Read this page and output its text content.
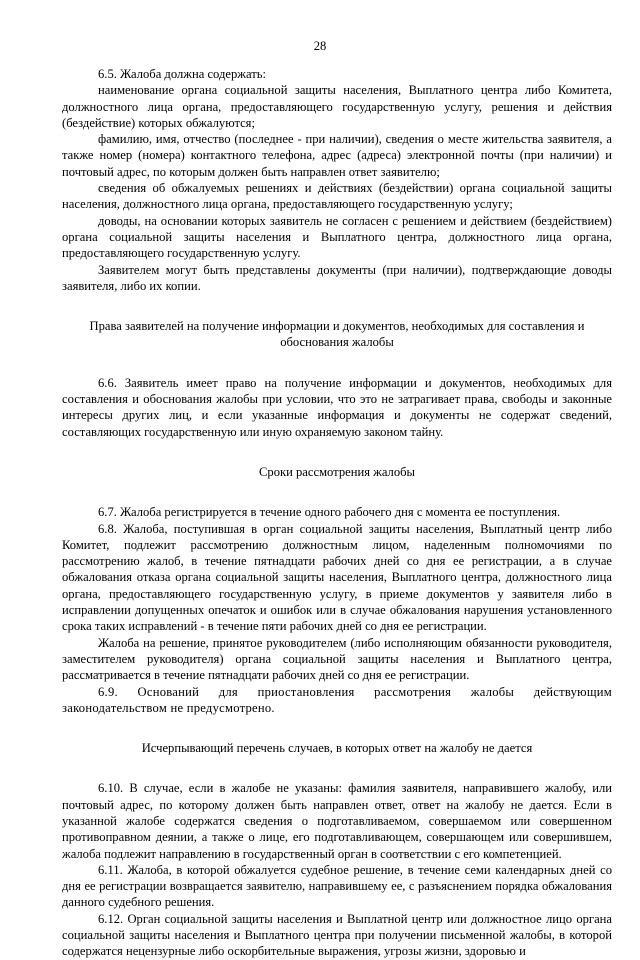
28

6.5. Жалоба должна содержать:

наименование органа социальной защиты населения, Выплатного центра либо Комитета, должностного лица органа, предоставляющего государственную услугу, решения и действия (бездействие) которых обжалуются;

фамилию, имя, отчество (последнее - при наличии), сведения о месте жительства заявителя, а также номер (номера) контактного телефона, адрес (адреса) электронной почты (при наличии) и почтовый адрес, по которым должен быть направлен ответ заявителю;

сведения об обжалуемых решениях и действиях (бездействии) органа социальной защиты населения, должностного лица органа, предоставляющего государственную услугу;

доводы, на основании которых заявитель не согласен с решением и действием (бездействием) органа социальной защиты населения и Выплатного центра, должностного лица органа, предоставляющего государственную услугу.

Заявителем могут быть представлены документы (при наличии), подтверждающие доводы заявителя, либо их копии.

Права заявителей на получение информации и документов, необходимых для составления и обоснования жалобы

6.6. Заявитель имеет право на получение информации и документов, необходимых для составления и обоснования жалобы при условии, что это не затрагивает права, свободы и законные интересы других лиц, и если указанные информация и документы не содержат сведений, составляющих государственную или иную охраняемую законом тайну.

Сроки рассмотрения жалобы

6.7. Жалоба регистрируется в течение одного рабочего дня с момента ее поступления.

6.8. Жалоба, поступившая в орган социальной защиты населения, Выплатный центр либо Комитет, подлежит рассмотрению должностным лицом, наделенным полномочиями по рассмотрению жалоб, в течение пятнадцати рабочих дней со дня ее регистрации, а в случае обжалования отказа органа социальной защиты населения, Выплатного центра, должностного лица органа, предоставляющего государственную услугу, в приеме документов у заявителя либо в исправлении допущенных опечаток и ошибок или в случае обжалования нарушения установленного срока таких исправлений - в течение пяти рабочих дней со дня ее регистрации.

Жалоба на решение, принятое руководителем (либо исполняющим обязанности руководителя, заместителем руководителя) органа социальной защиты населения и Выплатного центра, рассматривается в течение пятнадцати рабочих дней со дня ее регистрации.

6.9. Оснований для приостановления рассмотрения жалобы действующим законодательством не предусмотрено.

Исчерпывающий перечень случаев, в которых ответ на жалобу не дается

6.10. В случае, если в жалобе не указаны: фамилия заявителя, направившего жалобу, или почтовый адрес, по которому должен быть направлен ответ, ответ на жалобу не дается. Если в указанной жалобе содержатся сведения о подготавливаемом, совершаемом или совершенном противоправном деянии, а также о лице, его подготавливающем, совершающем или совершившем, жалоба подлежит направлению в государственный орган в соответствии с его компетенцией.

6.11. Жалоба, в которой обжалуется судебное решение, в течение семи календарных дней со дня ее регистрации возвращается заявителю, направившему ее, с разъяснением порядка обжалования данного судебного решения.

6.12. Орган социальной защиты населения и Выплатной центр или должностное лицо органа социальной защиты населения и Выплатного центра при получении письменной жалобы, в которой содержатся нецензурные либо оскорбительные выражения, угрозы жизни, здоровью и
